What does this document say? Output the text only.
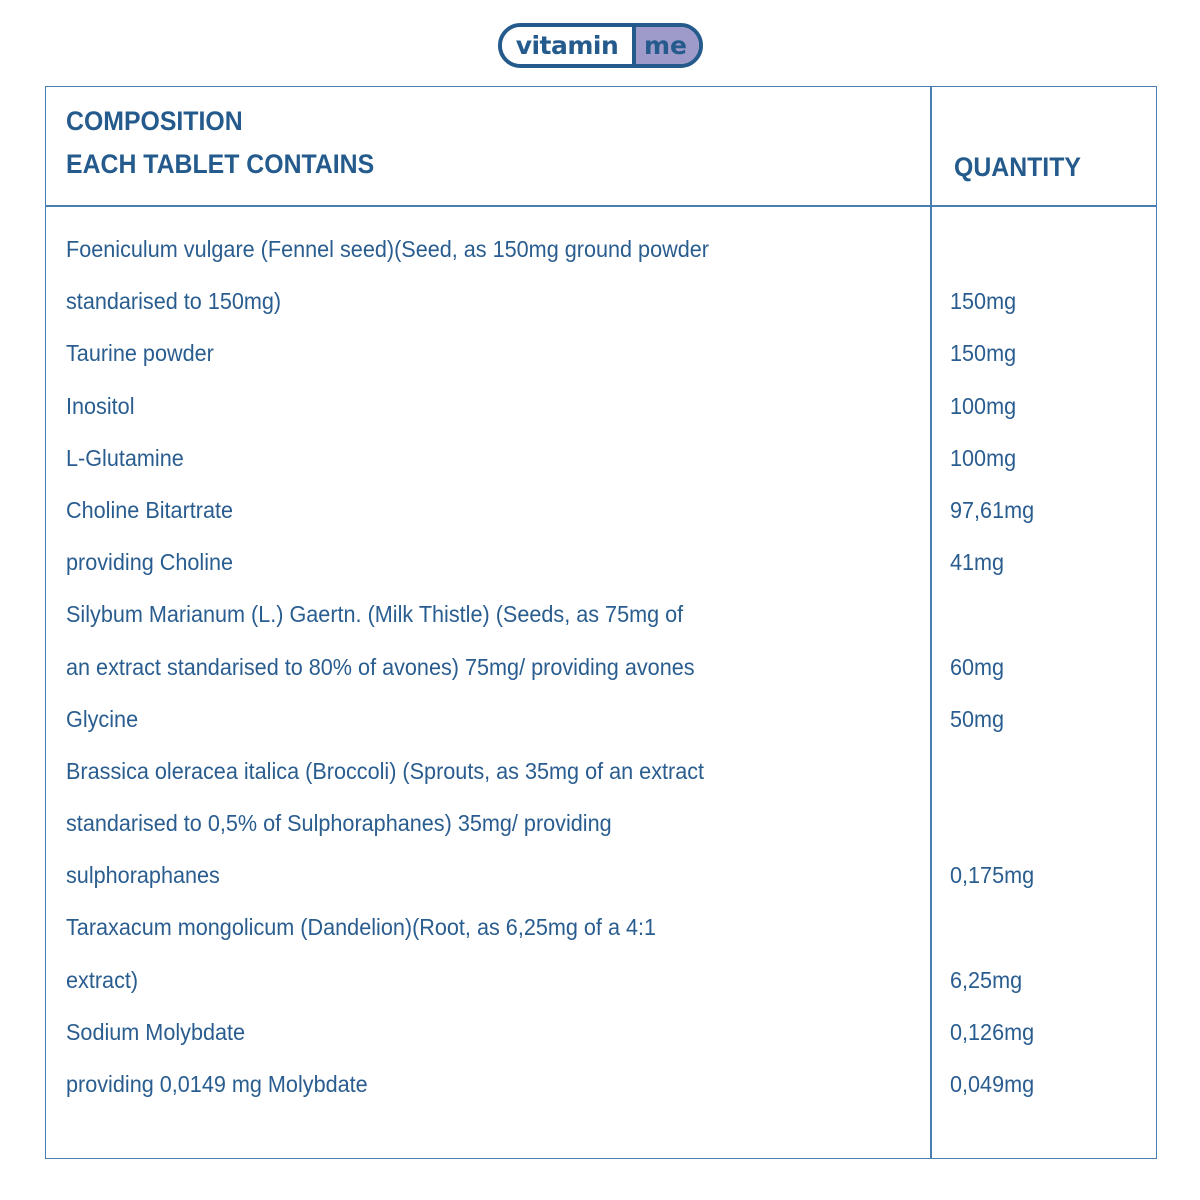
vitamin	me
COMPOSITION
EACH TABLET CONTAINS	QUANTITY
Foeniculum vulgare (Fennel seed)(Seed, as 150mg ground powder
standarised to 150mg)	150mg
Taurine powder	150mg
Inositol	100mg
L-Glutamine	100mg
Choline Bitartrate	97,61mg
providing Choline	41mg
Silybum Marianum (L.) Gaertn. (Milk Thistle) (Seeds, as 75mg of
an extract standarised to 80% of avones) 75mg/ providing avones	60mg
Glycine	50mg
Brassica oleracea italica (Broccoli) (Sprouts, as 35mg of an extract
standarised to 0,5% of Sulphoraphanes) 35mg/ providing
sulphoraphanes	0,175mg
Taraxacum mongolicum (Dandelion)(Root, as 6,25mg of a 4:1
extract)	6,25mg
Sodium Molybdate	0,126mg
providing 0,0149 mg Molybdate	0,049mg
